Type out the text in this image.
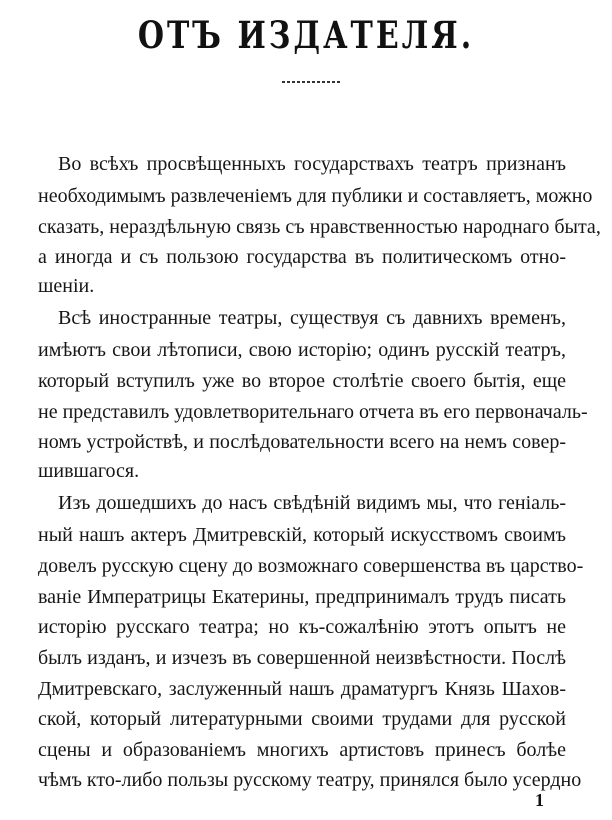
ОТЪ ИЗДАТЕЛЯ.
Во всѣхъ просвѣщенныхъ государствахъ театръ признанъ
необходимымъ развлеченіемъ для публики и составляетъ, можно
сказать, нераздѣльную связь съ нравственностью народнаго быта,
а иногда и съ пользою государства въ политическомъ отно-
шеніи.
Всѣ иностранные театры, существуя съ давнихъ временъ,
имѣютъ свои лѣтописи, свою исторію; одинъ русскій театръ,
который вступилъ уже во второе столѣтіе своего бытія, еще
не представилъ удовлетворительнаго отчета въ его первоначаль-
номъ устройствѣ, и послѣдовательности всего на немъ совер-
шившагося.
Изъ дошедшихъ до насъ свѣдѣній видимъ мы, что геніаль-
ный нашъ актеръ Дмитревскій, который искусствомъ своимъ
довелъ русскую сцену до возможнаго совершенства въ царство-
ваніе Императрицы Екатерины, предпринималъ трудъ писать
исторію русскаго театра; но къ-сожалѣнію этотъ опытъ не
былъ изданъ, и изчезъ въ совершенной неизвѣстности. Послѣ
Дмитревскаго, заслуженный нашъ драматургъ Князь Шахов-
ской, который литературными своими трудами для русской
сцены и образованіемъ многихъ артистовъ принесъ болѣе
чѣмъ кто-либо пользы русскому театру, принялся было усердно
1
